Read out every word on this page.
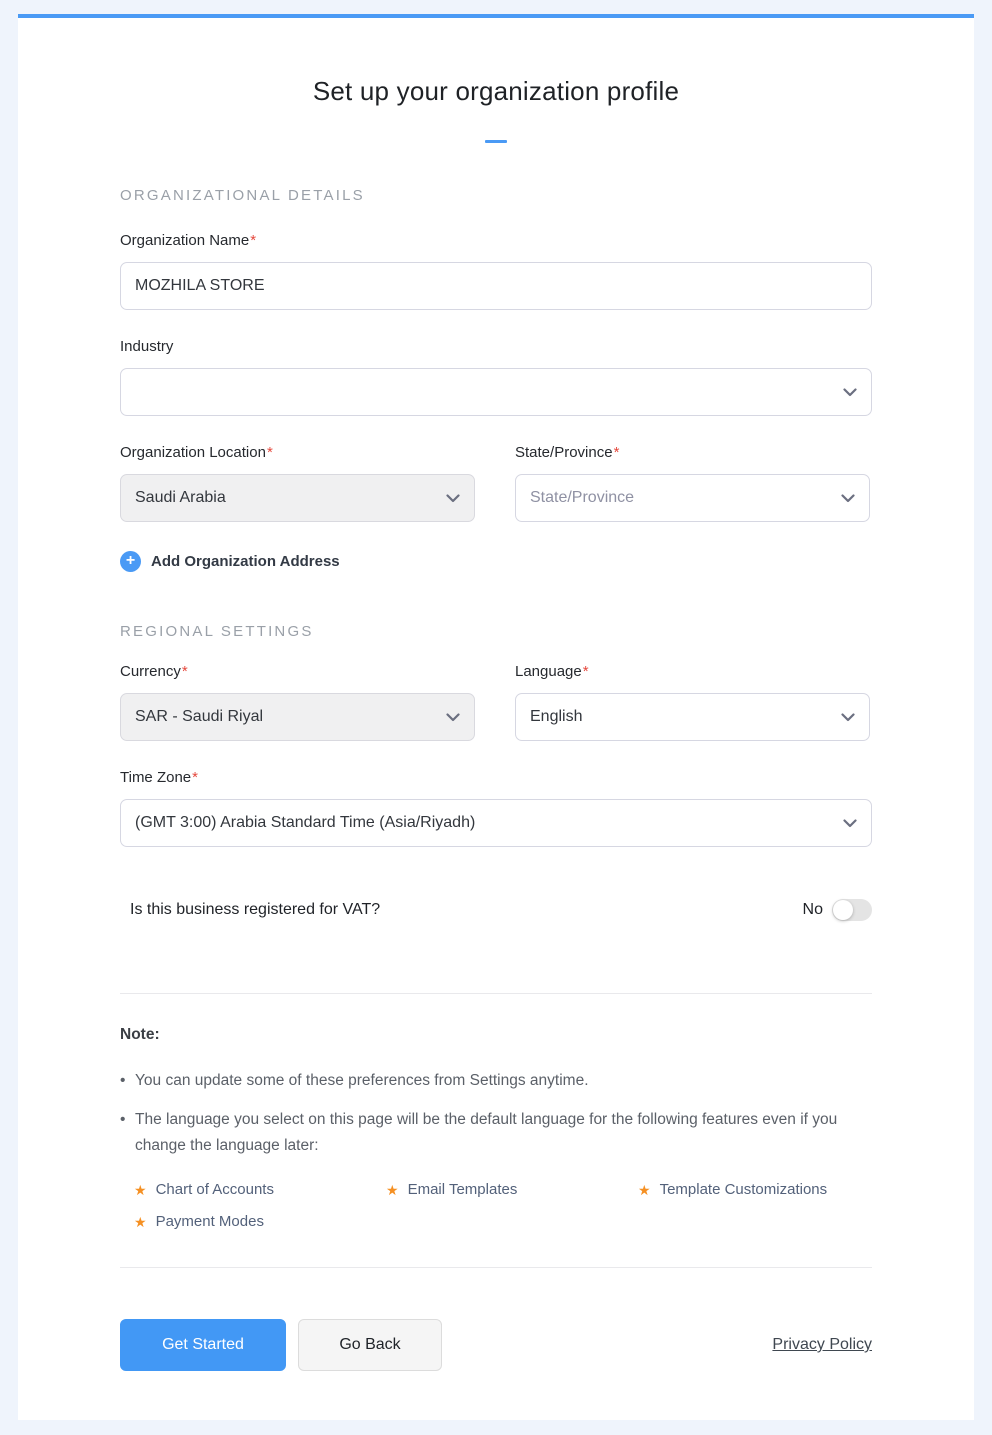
Set up your organization profile
ORGANIZATIONAL DETAILS
Organization Name*
MOZHILA STORE
Industry
Organization Location*
Saudi Arabia
State/Province*
State/Province
+	Add Organization Address
REGIONAL SETTINGS
Currency*
SAR - Saudi Riyal
Language*
English
Time Zone*
(GMT 3:00) Arabia Standard Time (Asia/Riyadh)
Is this business registered for VAT?	No
Note:
• You can update some of these preferences from Settings anytime.
• The language you select on this page will be the default language for the following features even if you change the language later:
★ Chart of Accounts	★ Email Templates	★ Template Customizations
★ Payment Modes
Get Started	Go Back	Privacy Policy
